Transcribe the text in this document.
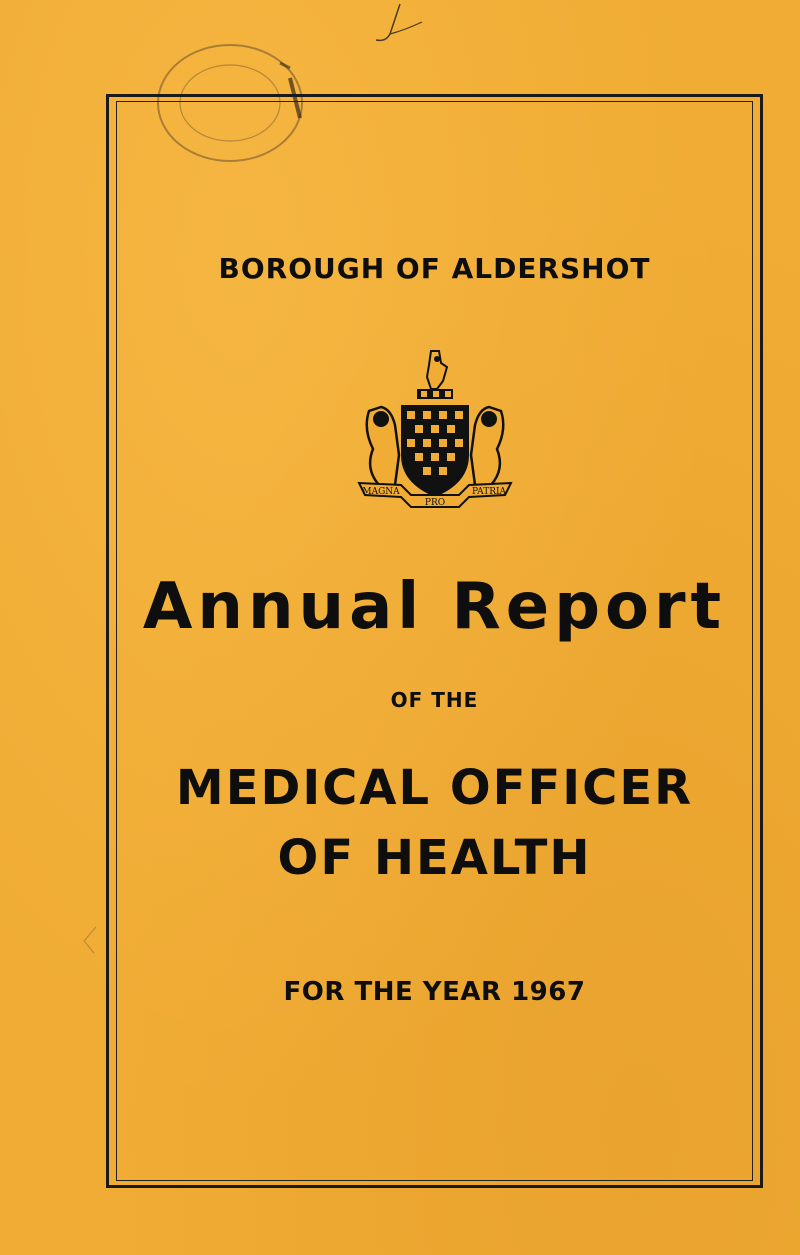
BOROUGH OF ALDERSHOT
MAGNA
PRO
PATRIA
Annual Report

OF THE

MEDICAL OFFICER

OF HEALTH

FOR THE YEAR 1967
